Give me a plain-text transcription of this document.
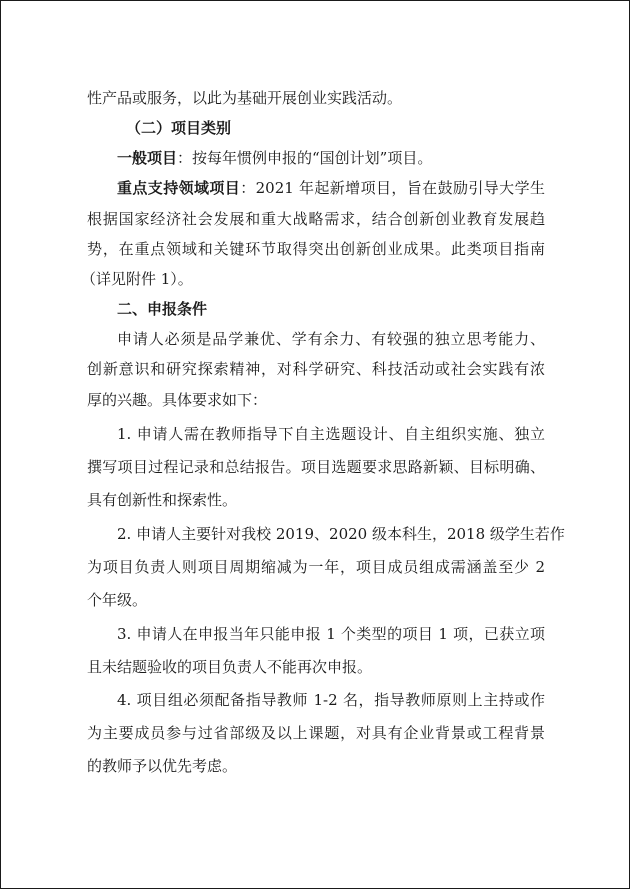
性产品或服务，以此为基础开展创业实践活动。
（二）项目类别
一般项目：按每年惯例申报的“国创计划”项目。
重点支持领域项目：2021 年起新增项目，旨在鼓励引导大学生
根据国家经济社会发展和重大战略需求，结合创新创业教育发展趋
势，在重点领域和关键环节取得突出创新创业成果。此类项目指南
（详见附件 1）。
二、申报条件
申请人必须是品学兼优、学有余力、有较强的独立思考能力、
创新意识和研究探索精神，对科学研究、科技活动或社会实践有浓
厚的兴趣。具体要求如下：
1. 申请人需在教师指导下自主选题设计、自主组织实施、独立
撰写项目过程记录和总结报告。项目选题要求思路新颖、目标明确、
具有创新性和探索性。
2. 申请人主要针对我校 2019、2020 级本科生，2018 级学生若作
为项目负责人则项目周期缩减为一年，项目成员组成需涵盖至少 2
个年级。
3. 申请人在申报当年只能申报 1 个类型的项目 1 项，已获立项
且未结题验收的项目负责人不能再次申报。
4. 项目组必须配备指导教师 1-2 名，指导教师原则上主持或作
为主要成员参与过省部级及以上课题，对具有企业背景或工程背景
的教师予以优先考虑。
